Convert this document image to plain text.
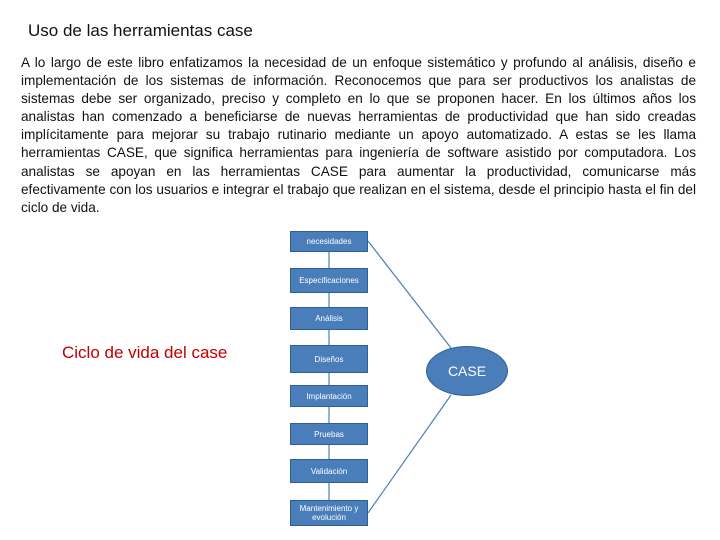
Uso de las herramientas case
A lo largo de este libro enfatizamos la necesidad de un enfoque sistemático y profundo al análisis, diseño e implementación de los sistemas de información. Reconocemos que para ser productivos los analistas de sistemas debe ser organizado, preciso y completo en lo que se proponen hacer. En los últimos años los analistas han comenzado a beneficiarse de nuevas herramientas de productividad que han sido creadas implícitamente para mejorar su trabajo rutinario mediante un apoyo automatizado. A estas se les llama herramientas CASE, que significa herramientas para ingeniería de software asistido por computadora. Los analistas se apoyan en las herramientas CASE para aumentar la productividad, comunicarse más efectivamente con los usuarios e integrar el trabajo que realizan en el sistema, desde el principio hasta el fin del ciclo de vida.
Ciclo de vida del case
necesidades
Especificaciones
Análisis
Diseños
Implantación
Pruebas
Validación
Mantenimiento y evolución
CASE
